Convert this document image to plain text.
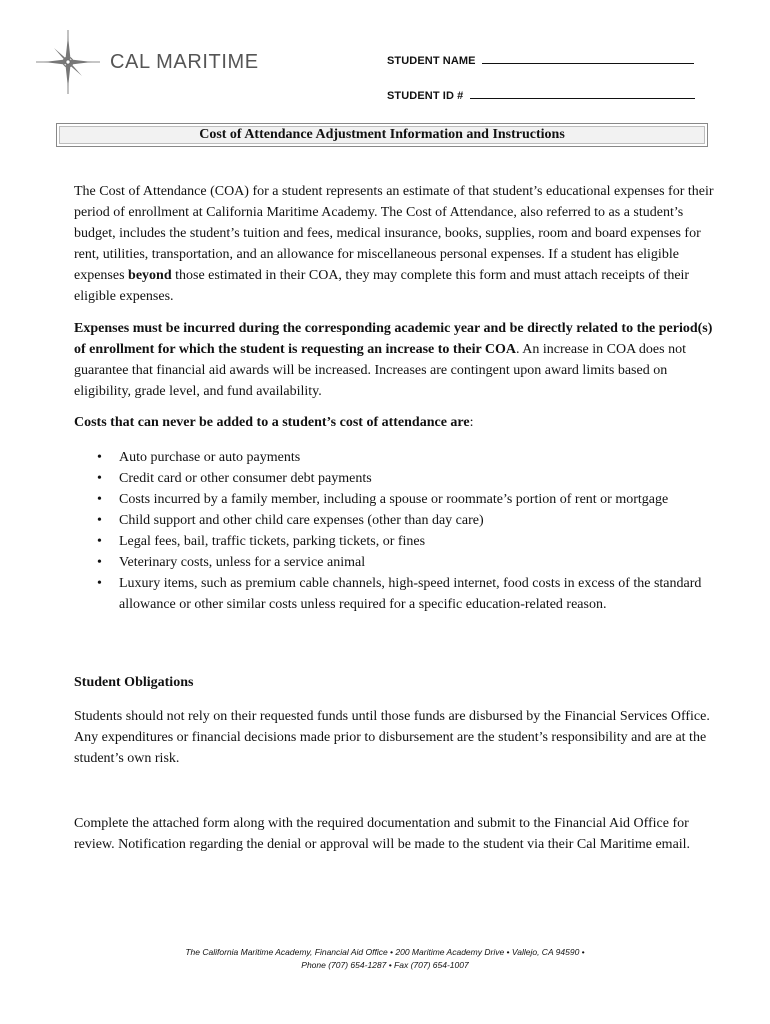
CAL MARITIME	STUDENT NAME
STUDENT ID #
Cost of Attendance Adjustment Information and Instructions

The Cost of Attendance (COA) for a student represents an estimate of that student’s educational expenses for their period of enrollment at California Maritime Academy. The Cost of Attendance, also referred to as a student’s budget, includes the student’s tuition and fees, medical insurance, books, supplies, room and board expenses for rent, utilities, transportation, and an allowance for miscellaneous personal expenses. If a student has eligible expenses beyond those estimated in their COA, they may complete this form and must attach receipts of their eligible expenses.

Expenses must be incurred during the corresponding academic year and be directly related to the period(s) of enrollment for which the student is requesting an increase to their COA. An increase in COA does not guarantee that financial aid awards will be increased. Increases are contingent upon award limits based on eligibility, grade level, and fund availability.

Costs that can never be added to a student’s cost of attendance are:

• Auto purchase or auto payments
• Credit card or other consumer debt payments
• Costs incurred by a family member, including a spouse or roommate’s portion of rent or mortgage
• Child support and other child care expenses (other than day care)
• Legal fees, bail, traffic tickets, parking tickets, or fines
• Veterinary costs, unless for a service animal
• Luxury items, such as premium cable channels, high-speed internet, food costs in excess of the standard allowance or other similar costs unless required for a specific education-related reason.

Student Obligations

Students should not rely on their requested funds until those funds are disbursed by the Financial Services Office. Any expenditures or financial decisions made prior to disbursement are the student’s responsibility and are at the student’s own risk.

Complete the attached form along with the required documentation and submit to the Financial Aid Office for review. Notification regarding the denial or approval will be made to the student via their Cal Maritime email.

The California Maritime Academy, Financial Aid Office • 200 Maritime Academy Drive • Vallejo, CA 94590 •
Phone (707) 654-1287 • Fax (707) 654-1007
